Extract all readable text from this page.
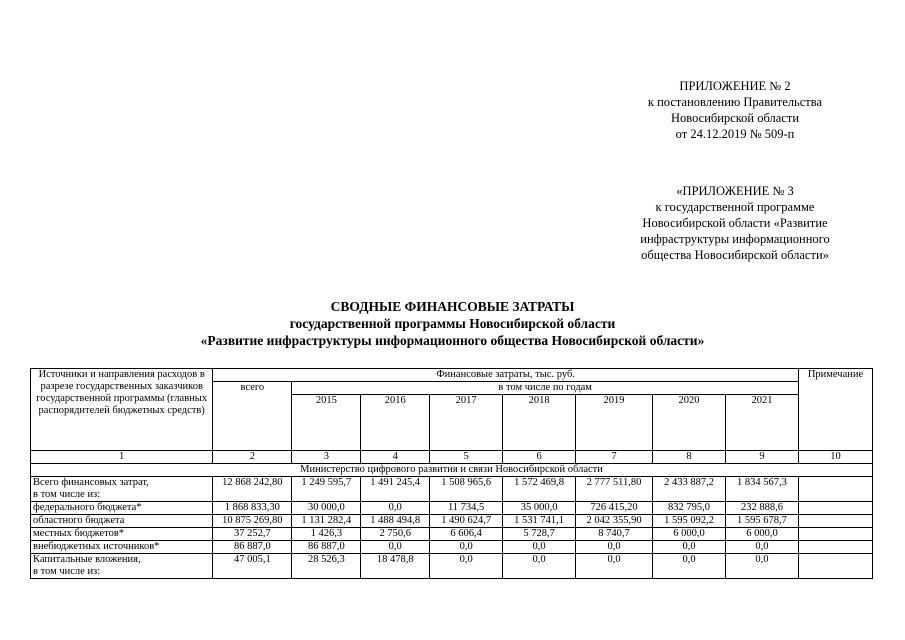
ПРИЛОЖЕНИЕ № 2
к постановлению Правительства
Новосибирской области
от 24.12.2019 № 509-п
«ПРИЛОЖЕНИЕ № 3
к государственной программе
Новосибирской области «Развитие
инфраструктуры информационного
общества Новосибирской области»
СВОДНЫЕ ФИНАНСОВЫЕ ЗАТРАТЫ
государственной программы Новосибирской области
«Развитие инфраструктуры информационного общества Новосибирской области»
Источники и направления расходов в разрезе государственных заказчиков государственной программы (главных распорядителей бюджетных средств)	Финансовые затраты, тыс. руб.								Примечание
	всего	в том числе по годам							
		2015	2016	2017	2018	2019	2020	2021	
1	2	3	4	5	6	7	8	9	10
Министерство цифрового развития и связи Новосибирской области									
Всего финансовых затрат,
в том числе из:	12 868 242,80	1 249 595,7	1 491 245,4	1 508 965,6	1 572 469,8	2 777 511,80	2 433 887,2	1 834 567,3	
федерального бюджета*	1 868 833,30	30 000,0	0,0	11 734,5	35 000,0	726 415,20	832 795,0	232 888,6	
областного бюджета	10 875 269,80	1 131 282,4	1 488 494,8	1 490 624,7	1 531 741,1	2 042 355,90	1 595 092,2	1 595 678,7	
местных бюджетов*	37 252,7	1 426,3	2 750,6	6 606,4	5 728,7	8 740,7	6 000,0	6 000,0	
внебюджетных источников*	86 887,0	86 887,0	0,0	0,0	0,0	0,0	0,0	0,0	
Капитальные вложения,
в том числе из:	47 005,1	28 526,3	18 478,8	0,0	0,0	0,0	0,0	0,0	
